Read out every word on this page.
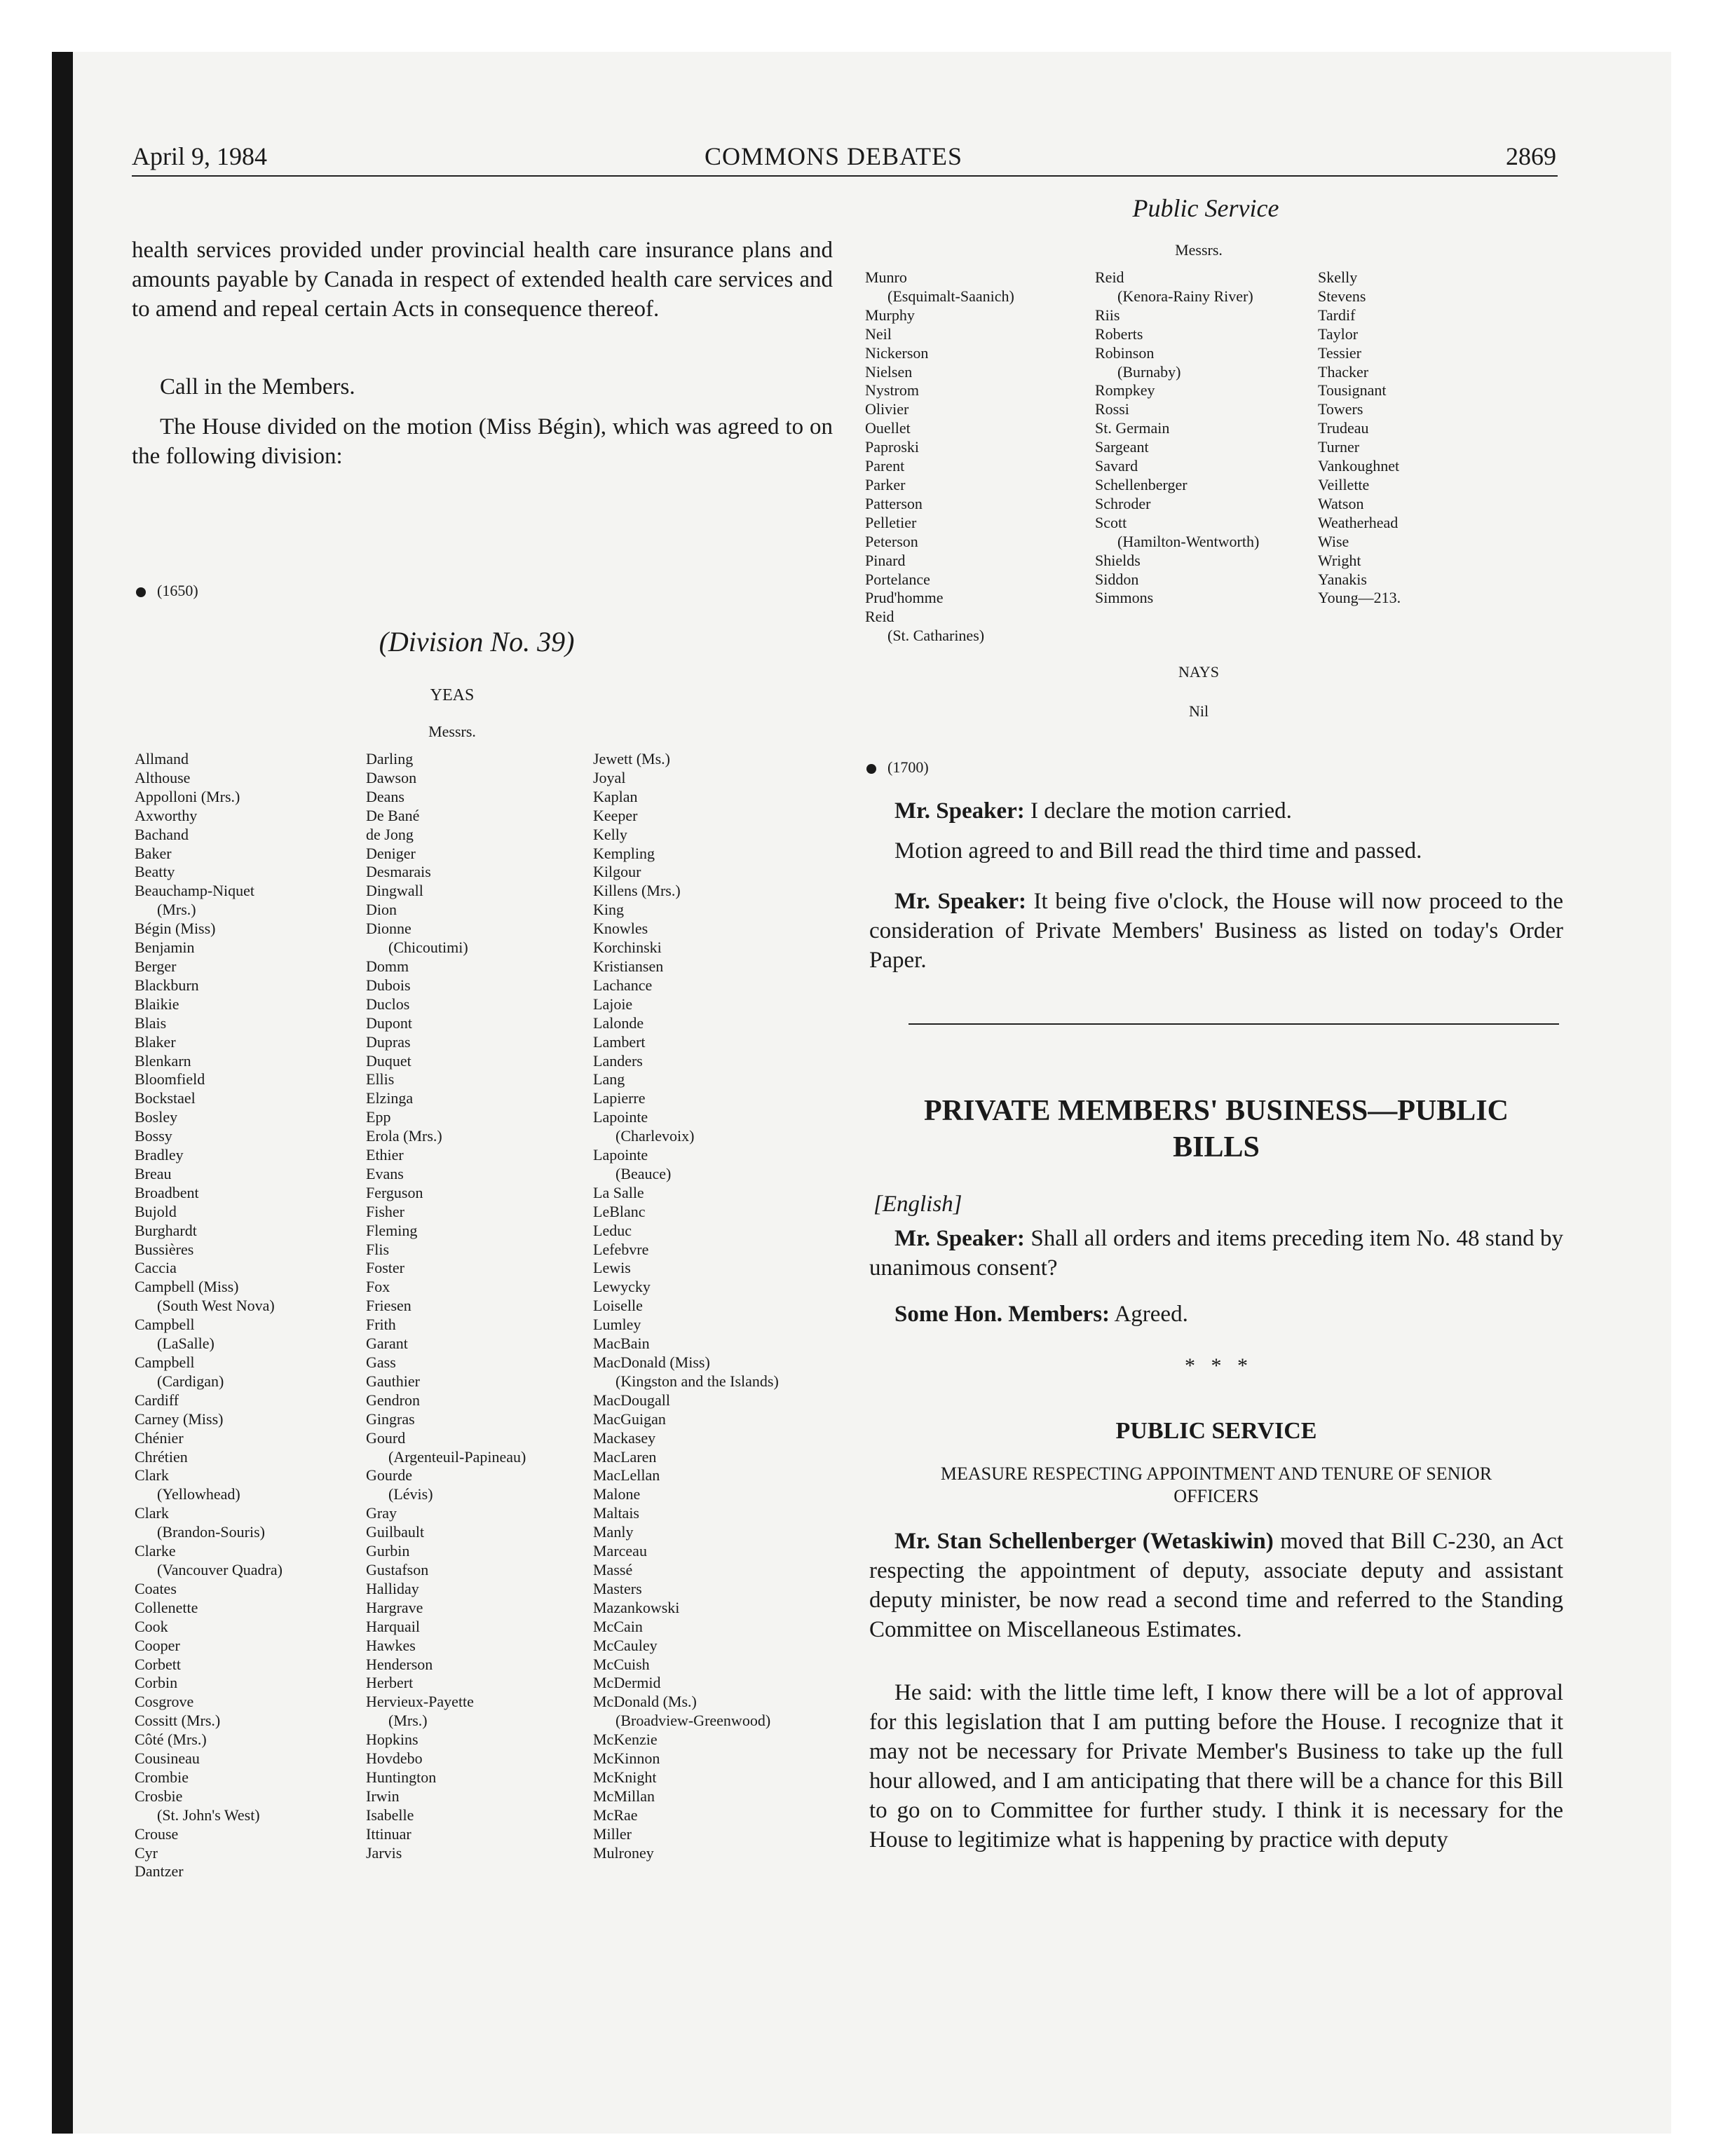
April 9, 1984	COMMONS DEBATES	2869

health services provided under provincial health care insurance plans and amounts payable by Canada in respect of extended health care services and to amend and repeal certain Acts in consequence thereof.

Call in the Members.

The House divided on the motion (Miss Bégin), which was agreed to on the following division:

(1650)
(Division No. 39)
YEAS
Messrs.
Allmand
Althouse
Appolloni (Mrs.)
Axworthy
Bachand
Baker
Beatty
Beauchamp-Niquet
(Mrs.)
Bégin (Miss)
Benjamin
Berger
Blackburn
Blaikie
Blais
Blaker
Blenkarn
Bloomfield
Bockstael
Bosley
Bossy
Bradley
Breau
Broadbent
Bujold
Burghardt
Bussières
Caccia
Campbell (Miss)
(South West Nova)
Campbell
(LaSalle)
Campbell
(Cardigan)
Cardiff
Carney (Miss)
Chénier
Chrétien
Clark
(Yellowhead)
Clark
(Brandon-Souris)
Clarke
(Vancouver Quadra)
Coates
Collenette
Cook
Cooper
Corbett
Corbin
Cosgrove
Cossitt (Mrs.)
Côté (Mrs.)
Cousineau
Crombie
Crosbie
(St. John's West)
Crouse
Cyr
Dantzer
Darling
Dawson
Deans
De Bané
de Jong
Deniger
Desmarais
Dingwall
Dion
Dionne
(Chicoutimi)
Domm
Dubois
Duclos
Dupont
Dupras
Duquet
Ellis
Elzinga
Epp
Erola (Mrs.)
Ethier
Evans
Ferguson
Fisher
Fleming
Flis
Foster
Fox
Friesen
Frith
Garant
Gass
Gauthier
Gendron
Gingras
Gourd
(Argenteuil-Papineau)
Gourde
(Lévis)
Gray
Guilbault
Gurbin
Gustafson
Halliday
Hargrave
Harquail
Hawkes
Henderson
Herbert
Hervieux-Payette
(Mrs.)
Hopkins
Hovdebo
Huntington
Irwin
Isabelle
Ittinuar
Jarvis
Jewett (Ms.)
Joyal
Kaplan
Keeper
Kelly
Kempling
Kilgour
Killens (Mrs.)
King
Knowles
Korchinski
Kristiansen
Lachance
Lajoie
Lalonde
Lambert
Landers
Lang
Lapierre
Lapointe
(Charlevoix)
Lapointe
(Beauce)
La Salle
LeBlanc
Leduc
Lefebvre
Lewis
Lewycky
Loiselle
Lumley
MacBain
MacDonald (Miss)
(Kingston and the Islands)
MacDougall
MacGuigan
Mackasey
MacLaren
MacLellan
Malone
Maltais
Manly
Marceau
Massé
Masters
Mazankowski
McCain
McCauley
McCuish
McDermid
McDonald (Ms.)
(Broadview-Greenwood)
McKenzie
McKinnon
McKnight
McMillan
McRae
Miller
Mulroney
Public Service
Messrs.
Munro
(Esquimalt-Saanich)
Murphy
Neil
Nickerson
Nielsen
Nystrom
Olivier
Ouellet
Paproski
Parent
Parker
Patterson
Pelletier
Peterson
Pinard
Portelance
Prud'homme
Reid
(St. Catharines)
Reid
(Kenora-Rainy River)
Riis
Roberts
Robinson
(Burnaby)
Rompkey
Rossi
St. Germain
Sargeant
Savard
Schellenberger
Schroder
Scott
(Hamilton-Wentworth)
Shields
Siddon
Simmons
Skelly
Stevens
Tardif
Taylor
Tessier
Thacker
Tousignant
Towers
Trudeau
Turner
Vankoughnet
Veillette
Watson
Weatherhead
Wise
Wright
Yanakis
Young—213.
NAYS
Nil
(1700)

Mr. Speaker: I declare the motion carried.

Motion agreed to and Bill read the third time and passed.

Mr. Speaker: It being five o'clock, the House will now proceed to the consideration of Private Members' Business as listed on today's Order Paper.

PRIVATE MEMBERS' BUSINESS—PUBLIC
BILLS
[English]

Mr. Speaker: Shall all orders and items preceding item No. 48 stand by unanimous consent?

Some Hon. Members: Agreed.

*   *   *
PUBLIC SERVICE
MEASURE RESPECTING APPOINTMENT AND TENURE OF SENIOR
OFFICERS

Mr. Stan Schellenberger (Wetaskiwin) moved that Bill C-230, an Act respecting the appointment of deputy, associate deputy and assistant deputy minister, be now read a second time and referred to the Standing Committee on Miscellaneous Estimates.

He said: with the little time left, I know there will be a lot of approval for this legislation that I am putting before the House. I recognize that it may not be necessary for Private Member's Business to take up the full hour allowed, and I am anticipating that there will be a chance for this Bill to go on to Committee for further study. I think it is necessary for the House to legitimize what is happening by practice with deputy
